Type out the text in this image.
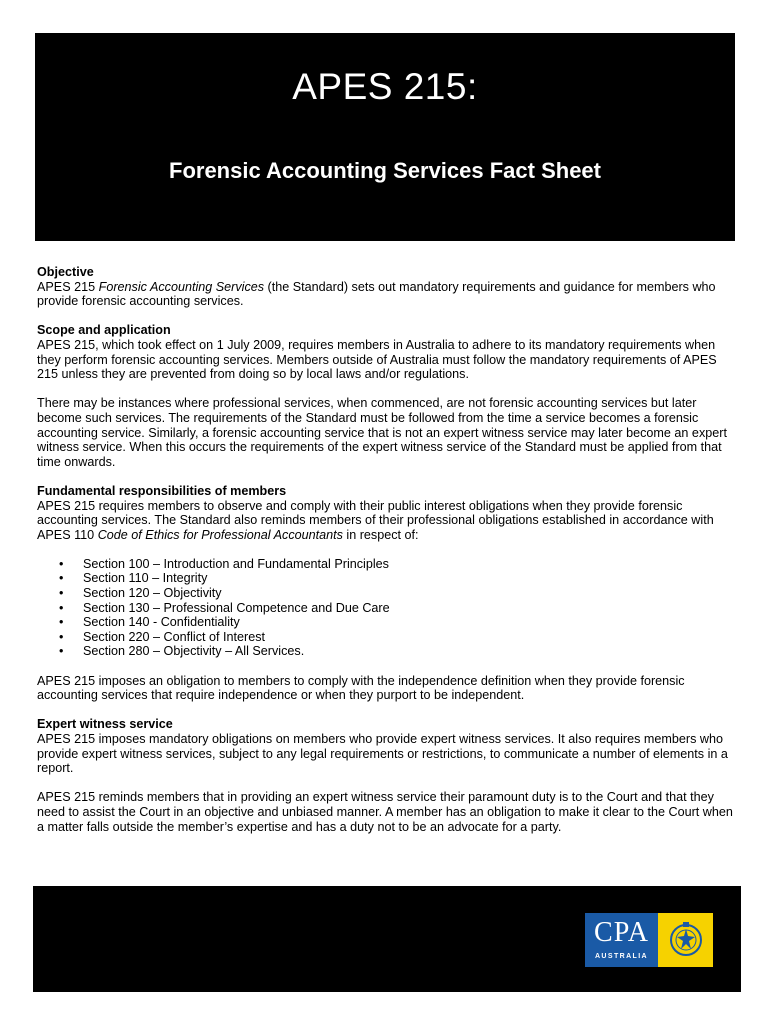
APES 215:
Forensic Accounting Services Fact Sheet

Objective

APES 215 Forensic Accounting Services (the Standard) sets out mandatory requirements and guidance for members who provide forensic accounting services.

Scope and application

APES 215, which took effect on 1 July 2009, requires members in Australia to adhere to its mandatory requirements when they perform forensic accounting services. Members outside of Australia must follow the mandatory requirements of APES 215 unless they are prevented from doing so by local laws and/or regulations.

There may be instances where professional services, when commenced, are not forensic accounting services but later become such services. The requirements of the Standard must be followed from the time a service becomes a forensic accounting service. Similarly, a forensic accounting service that is not an expert witness service may later become an expert witness service. When this occurs the requirements of the expert witness service of the Standard must be applied from that time onwards.

Fundamental responsibilities of members

APES 215 requires members to observe and comply with their public interest obligations when they provide forensic accounting services. The Standard also reminds members of their professional obligations established in accordance with APES 110 Code of Ethics for Professional Accountants in respect of:

• Section 100 – Introduction and Fundamental Principles
• Section 110 – Integrity
• Section 120 – Objectivity
• Section 130 – Professional Competence and Due Care
• Section 140 - Confidentiality
• Section 220 – Conflict of Interest
• Section 280 – Objectivity – All Services.

APES 215 imposes an obligation to members to comply with the independence definition when they provide forensic accounting services that require independence or when they purport to be independent.

Expert witness service

APES 215 imposes mandatory obligations on members who provide expert witness services. It also requires members who provide expert witness services, subject to any legal requirements or restrictions, to communicate a number of elements in a report.

APES 215 reminds members that in providing an expert witness service their paramount duty is to the Court and that they need to assist the Court in an objective and unbiased manner. A member has an obligation to make it clear to the Court when a matter falls outside the member’s expertise and has a duty not to be an advocate for a party.

CPA
AUSTRALIA
